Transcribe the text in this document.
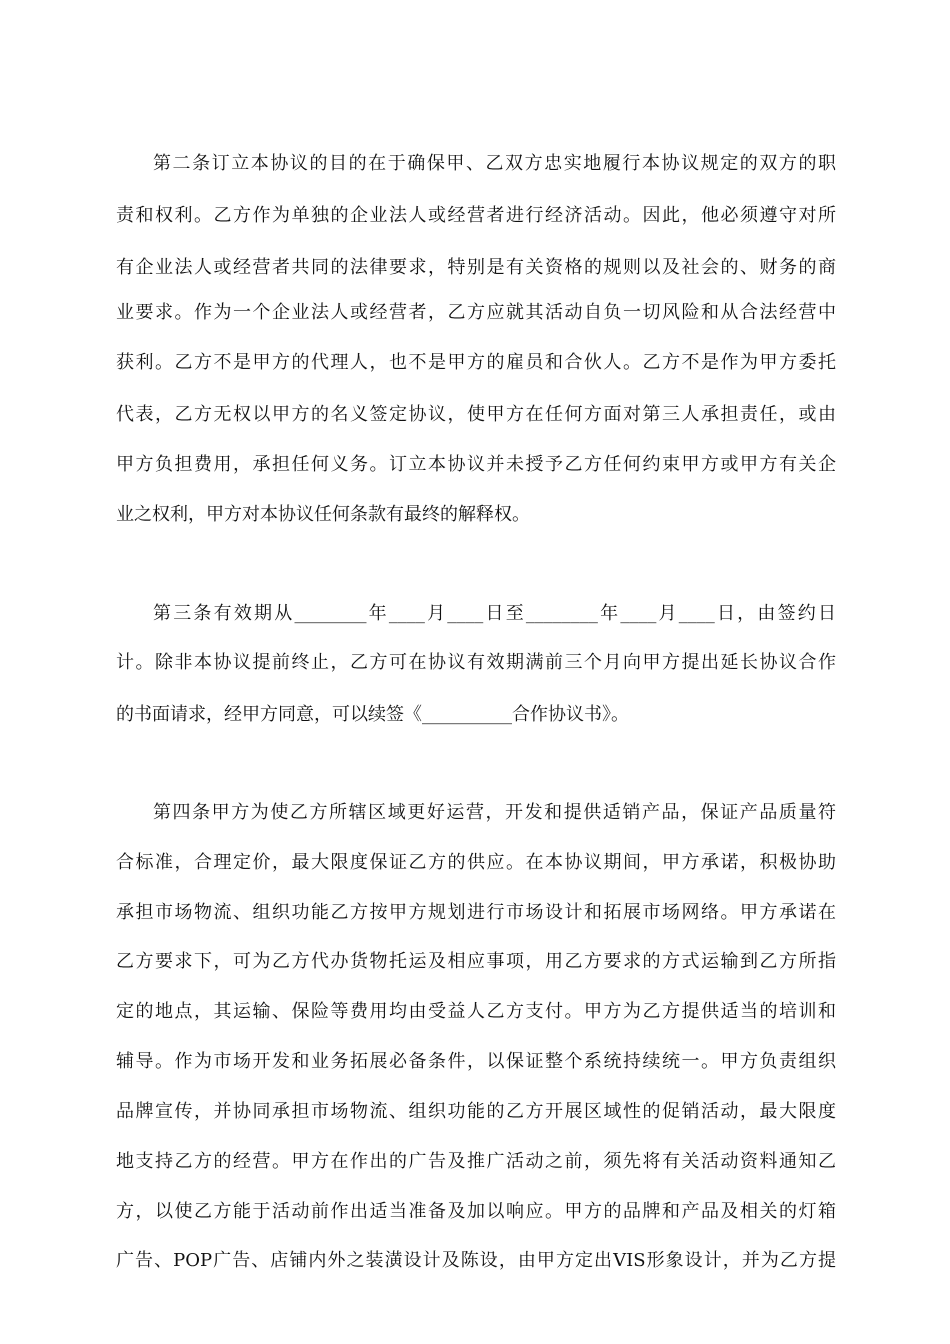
第二条订立本协议的目的在于确保甲、乙双方忠实地履行本协议规定的双方的职

责和权利。乙方作为单独的企业法人或经营者进行经济活动。因此，他必须遵守对所

有企业法人或经营者共同的法律要求，特别是有关资格的规则以及社会的、财务的商

业要求。作为一个企业法人或经营者，乙方应就其活动自负一切风险和从合法经营中

获利。乙方不是甲方的代理人，也不是甲方的雇员和合伙人。乙方不是作为甲方委托

代表，乙方无权以甲方的名义签定协议，使甲方在任何方面对第三人承担责任，或由

甲方负担费用，承担任何义务。订立本协议并未授予乙方任何约束甲方或甲方有关企

业之权利，甲方对本协议任何条款有最终的解释权。

第三条有效期从________年____月____日至________年____月____日，由签约日

计。除非本协议提前终止，乙方可在协议有效期满前三个月向甲方提出延长协议合作

的书面请求，经甲方同意，可以续签《__________合作协议书》。

第四条甲方为使乙方所辖区域更好运营，开发和提供适销产品，保证产品质量符

合标准，合理定价，最大限度保证乙方的供应。在本协议期间，甲方承诺，积极协助

承担市场物流、组织功能乙方按甲方规划进行市场设计和拓展市场网络。甲方承诺在

乙方要求下，可为乙方代办货物托运及相应事项，用乙方要求的方式运输到乙方所指

定的地点，其运输、保险等费用均由受益人乙方支付。甲方为乙方提供适当的培训和

辅导。作为市场开发和业务拓展必备条件，以保证整个系统持续统一。甲方负责组织

品牌宣传，并协同承担市场物流、组织功能的乙方开展区域性的促销活动，最大限度

地支持乙方的经营。甲方在作出的广告及推广活动之前，须先将有关活动资料通知乙

方，以使乙方能于活动前作出适当准备及加以响应。甲方的品牌和产品及相关的灯箱

广告、POP广告、店铺内外之装潢设计及陈设，由甲方定出VIS形象设计，并为乙方提
